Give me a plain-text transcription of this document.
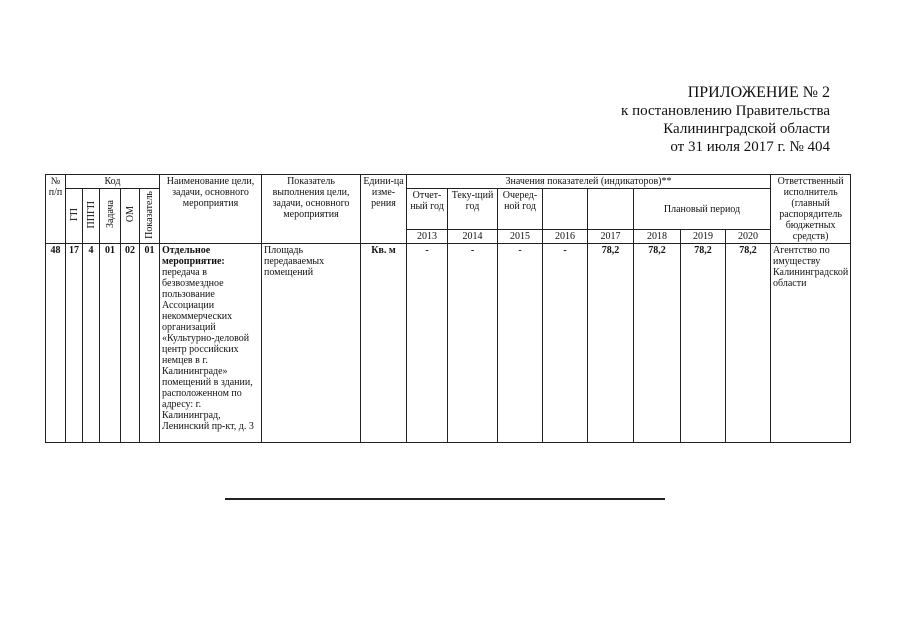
ПРИЛОЖЕНИЕ № 2
к постановлению Правительства
Калининградской области
от 31 июля 2017 г. № 404
№ п/п	Код					Наименование цели, задачи, основного мероприятия	Показатель выполнения цели, задачи, основного мероприятия	Едини-ца изме-рения	Значения показателей (индикаторов)**								Ответственный исполнитель (главный распорядитель бюджетных средств)
	ГП	ППГП	Задача	ОМ	Показатель				Отчет-ный год	Теку-щий год	Очеред-ной год			Плановый период			
									2013	2014	2015	2016	2017	2018	2019	2020	
48	17	4	01	02	01	Отдельное мероприятие: передача в безвозмездное пользование Ассоциации некоммерческих организаций «Культурно-деловой центр российских немцев в г. Калининграде» помещений в здании, расположенном по адресу: г. Калининград, Ленинский пр-кт, д. 3	Площадь передаваемых помещений	Кв. м	-	-	-	-	78,2	78,2	78,2	78,2	Агентство по имуществу Калининградской области
